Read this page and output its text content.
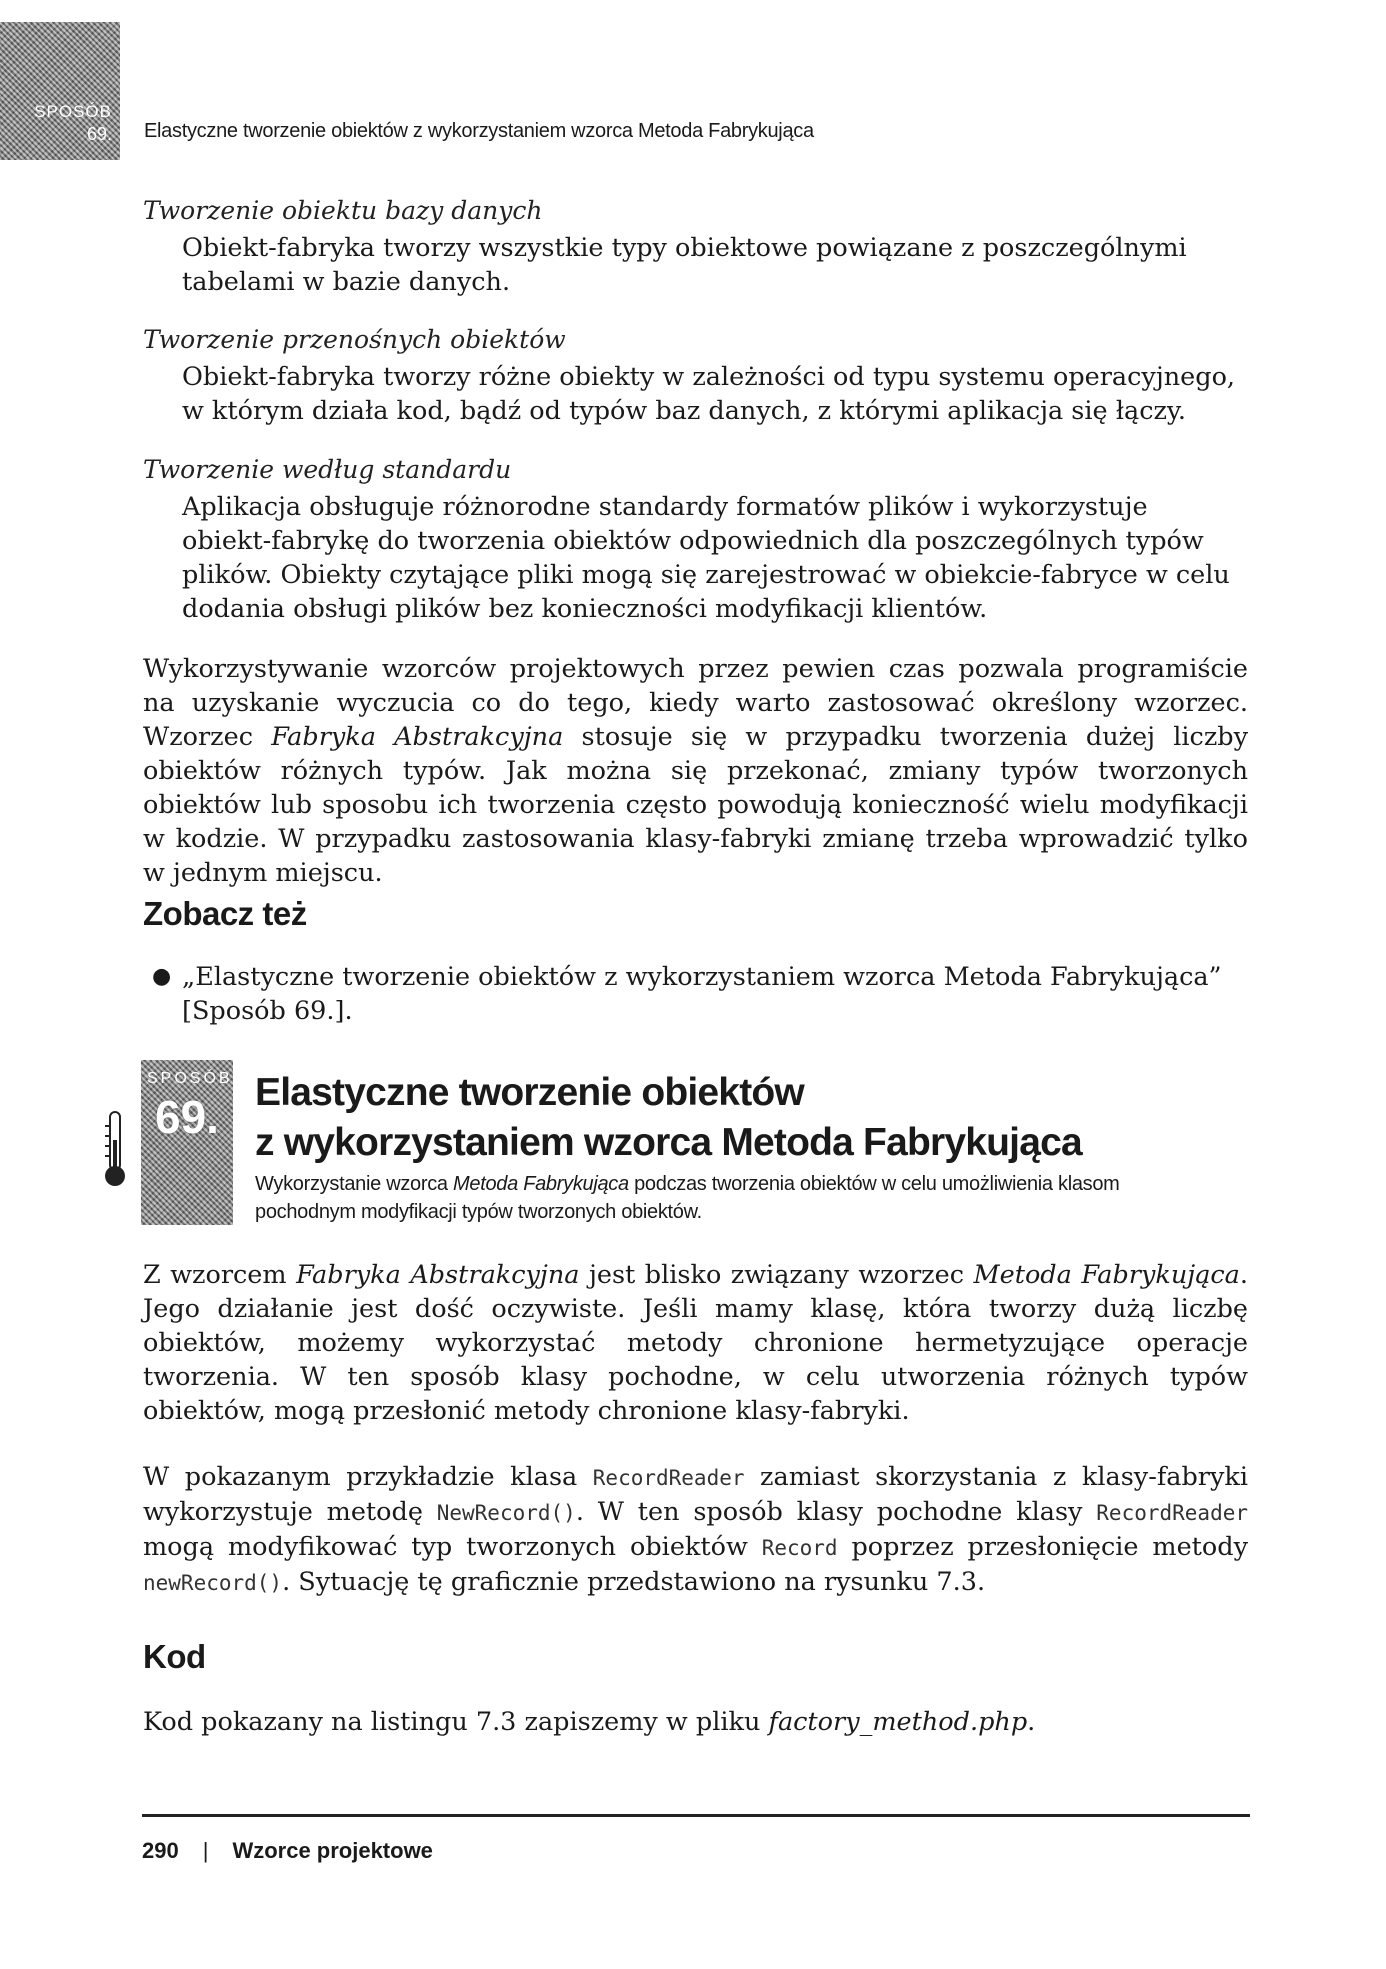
SPOSÓB
69. Elastyczne tworzenie obiektów z wykorzystaniem wzorca Metoda Fabrykująca
Tworzenie obiektu bazy danych
Obiekt-fabryka tworzy wszystkie typy obiektowe powiązane z poszczególnymi tabelami w bazie danych.
Tworzenie przenośnych obiektów
Obiekt-fabryka tworzy różne obiekty w zależności od typu systemu operacyjnego, w którym działa kod, bądź od typów baz danych, z którymi aplikacja się łączy.
Tworzenie według standardu
Aplikacja obsługuje różnorodne standardy formatów plików i wykorzystuje obiekt-fabrykę do tworzenia obiektów odpowiednich dla poszczególnych typów plików. Obiekty czytające pliki mogą się zarejestrować w obiekcie-fabryce w celu dodania obsługi plików bez konieczności modyfikacji klientów.
Wykorzystywanie wzorców projektowych przez pewien czas pozwala programiście na uzyskanie wyczucia co do tego, kiedy warto zastosować określony wzorzec. Wzorzec Fabryka Abstrakcyjna stosuje się w przypadku tworzenia dużej liczby obiektów różnych typów. Jak można się przekonać, zmiany typów tworzonych obiektów lub sposobu ich tworzenia często powodują konieczność wielu modyfikacji w kodzie. W przypadku zastosowania klasy-fabryki zmianę trzeba wprowadzić tylko w jednym miejscu.
Zobacz też
● „Elastyczne tworzenie obiektów z wykorzystaniem wzorca Metoda Fabrykująca” [Sposób 69.].
SPOSÓB
69. Elastyczne tworzenie obiektów
z wykorzystaniem wzorca Metoda Fabrykująca
Wykorzystanie wzorca Metoda Fabrykująca podczas tworzenia obiektów w celu umożliwienia klasom pochodnym modyfikacji typów tworzonych obiektów.
Z wzorcem Fabryka Abstrakcyjna jest blisko związany wzorzec Metoda Fabrykująca. Jego działanie jest dość oczywiste. Jeśli mamy klasę, która tworzy dużą liczbę obiektów, możemy wykorzystać metody chronione hermetyzujące operacje tworzenia. W ten sposób klasy pochodne, w celu utworzenia różnych typów obiektów, mogą przesłonić metody chronione klasy-fabryki.
W pokazanym przykładzie klasa RecordReader zamiast skorzystania z klasy-fabryki wykorzystuje metodę NewRecord(). W ten sposób klasy pochodne klasy RecordReader mogą modyfikować typ tworzonych obiektów Record poprzez przesłonięcie metody newRecord(). Sytuację tę graficznie przedstawiono na rysunku 7.3.
Kod
Kod pokazany na listingu 7.3 zapiszemy w pliku factory_method.php.
290 | Wzorce projektowe
